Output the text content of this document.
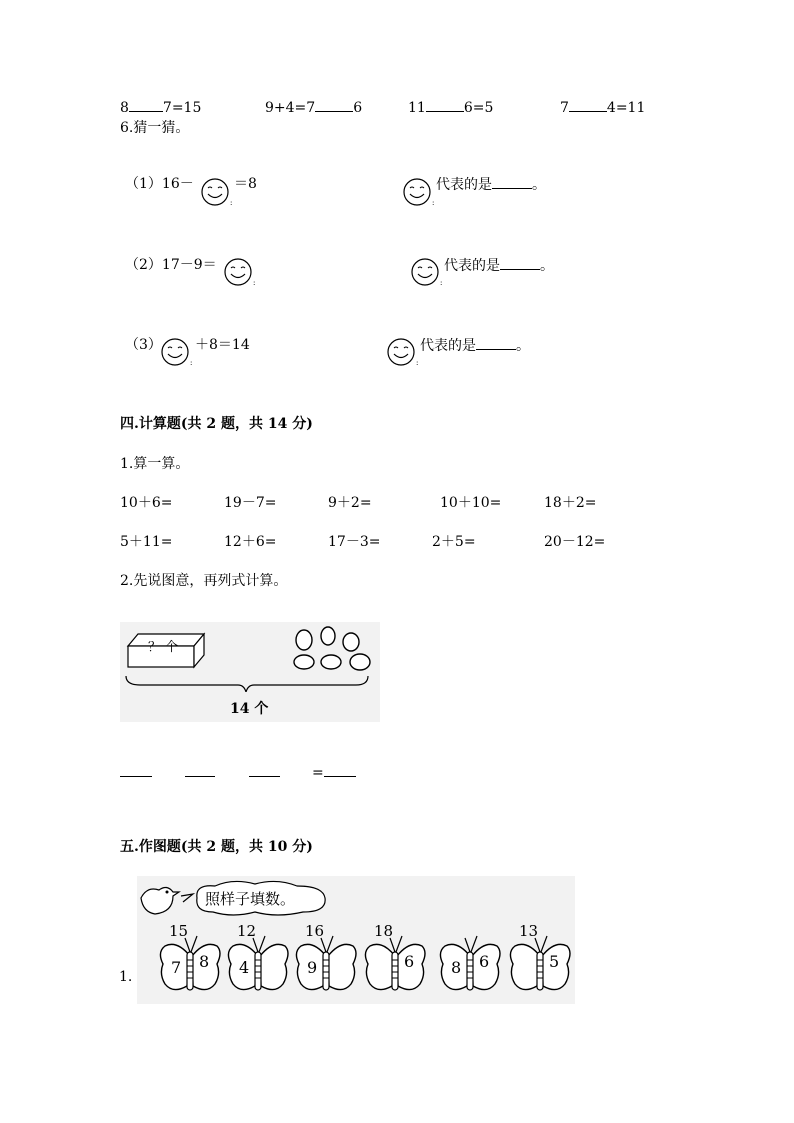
8 7=15	9+4=7	6	11	6=5	7	4=11
6.猜一猜。
（1）16－
:
＝8
:
代表的是	。
（2）17－9＝
:	:
代表的是	。
（3）
:
＋8＝14
:
代表的是	。
四.计算题(共 2 题，共 14 分)
1.算一算。
10＋6=	19－7=	9＋2=	10＋10=	18＋2=
5＋11=	12＋6=	17－3=	2＋5=	20－12=
2.先说图意，再列式计算。
？ 个
14 个
=
五.作图题(共 2 题，共 10 分)
照样子填数。
1.
15
7 8
12
4
16
9
18
6 8 6
13
5
